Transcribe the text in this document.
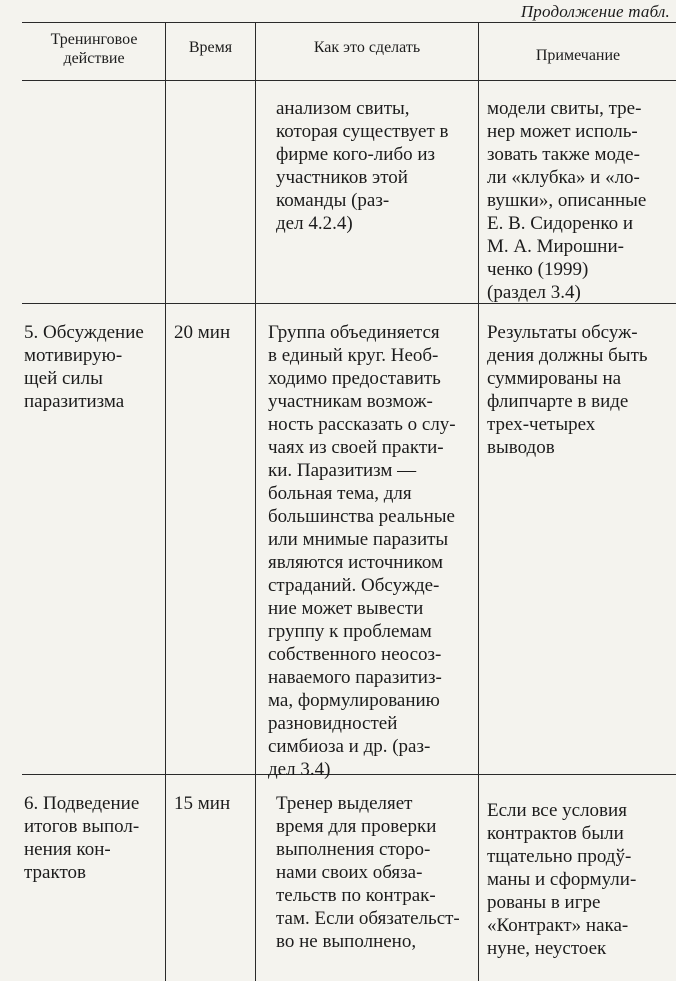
Продолжение табл.
Тренинговое
действие
Время	Как это сделать	Примечание
анализом свиты,
которая существует в
фирме кого-либо из
участников этой
команды (раз-
дел 4.2.4)
модели свиты, тре-
нер может исполь-
зовать также моде-
ли «клубка» и «ло-
вушки», описанные
Е. В. Сидоренко и
М. А. Мирошни-
ченко (1999)
(раздел 3.4)
5. Обсуждение
мотивирую-
щей силы
паразитизма
20 мин Группа объединяется
в единый круг. Необ-
ходимо предоставить
участникам возмож-
ность рассказать о слу-
чаях из своей практи-
ки. Паразитизм —
больная тема, для
большинства реальные
или мнимые паразиты
являются источником
страданий. Обсужде-
ние может вывести
группу к проблемам
собственного неосоз-
наваемого паразитиз-
ма, формулированию
разновидностей
симбиоза и др. (раз-
дел 3.4)
Результаты обсуж-
дения должны быть
суммированы на
флипчарте в виде
трех-четырех
выводов
6. Подведение
итогов выпол-
нения кон-
трактов
15 мин Тренер выделяет
время для проверки
выполнения сторо-
нами своих обяза-
тельств по контрак-
там. Если обязательст-
во не выполнено,
Если все условия
контрактов были
тщательно продў-
маны и сформули-
рованы в игре
«Контракт» нака-
нуне, неустоек
